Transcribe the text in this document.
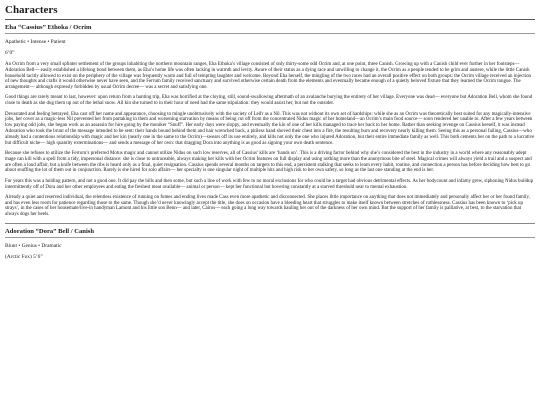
Characters
Eha “Cassius” Ethoka / Ocrim
Apathetic • Intense • Patient
6’0”

An Ocrim from a very small splinter settlement of the groups inhabiting the northern mountain ranges, Eha Ethoka’s village consisted of only thirty-some odd Ocrim and, at one point, three Canish. Growing up with a Canish child ever further in her footsteps— Adoration Bell— easily established a lifelong bond between them, as Eha’s home life was often lacking in warmth and levity. Aware of their status as a dying race and unwilling to change it, the Ocrim as a people tended to be grim and austere, while the little Canish household tacitly allowed to exist on the periphery of the village was frequently warm and full of tempting laughter and welcome. Beyond Eha herself, the mingling of the two races had an overall positive effect on both groups: the Ocrim village received an injection of new thoughts and crafts it would otherwise never have seen, and the Ferrum family received sanctuary and survived otherwise certain death from the elements and eventually became enough of a quietly beloved fixture that they learned the Ocrim tongue. The arrangement— although expressly forbidden by usual Ocrim decree— was a secret and satisfying one.

Good things are rarely meant to last, however: upon return from a hunting trip, Eha was horrified at the cloying, still, sound-swallowing aftermath of an avalanche burying the entirety of her village. Everyone was dead— everyone but Adoration Bell, whom she found close to death as she dug them up out of the lethal snow. All kin she turned to in their hour of need had the same stipulation: they would assist her, but not the outsider.

Devastated and feeling betrayed, Eha cast off her name and appearance, choosing to mingle unobtrusively with the society of Leifr as a Nil. This was not without its own set of hardships: while she as an Ocrim was theoretically best suited for any magically-intensive jobs, her cover as a magic-less Nil prevented her from partaking in them and worsening starvation by means of being cut off from the concentrated Nidus magic of her homeland—an Ocrim’s main food source— soon rendered her unable to. After a few years between low paying odd jobs, she began work as an assassin for hire going by the moniker “Snuff”. Her early days were sloppy, and eventually the kin of one of her kills managed to trace her back to her home. Rather than seeking revenge on Cassius herself, it was instead Adoration who took the brunt of the message intended to be sent: their hands bound behind them and hair wrenched back, a pitiless hand shoved their chest into a fire, the resulting burn and recovery nearly killing them. Seeing this as a personal failing, Cassius—who already had a contentious relationship with magic and her kin (nearly one in the same to the Ocrim)—swears off its use entirely, and kills not only the one who injured Adoration, but their entire immediate family as well. This both cements her on the path to a lucrative but difficult niche— high quantity exterminations— and sends a message of her own: that dragging Dora into anything is as good as signing your own death sentence.

Because she refuses to utilize the Ferrum’s preferred Motus magic and cannot utilize Nidus on such low reserves, all of Cassius’ kills are ‘hands on’. This is a driving factor behind why she’s considered the best in the industry in a world where any reasonably adept mage can kill with a spell from a tidy, impersonal distance: she is close to untraceable, always making her kills with her Ocrim features on full display and using nothing more than the anonymous bite of steel. Magical crimes will always yield a trail and a suspect and are often a loud affair, but a knife between the ribs is heard only as a final, quiet resignation. Cassius spends several months on targets to this end, a persistent stalking that seeks to learn every habit, routine, and connection a person has before deciding how best to go about snuffing the lot of them out in conjunction. Rarely is she hired for solo affairs— her specialty is one singular night of multiple hits and high risk to her own safety, so long as the last one standing at the end is her.

For years this was a holding pattern, and not a good one. It did pay the bills and then some, but such a line of work with few to no moral exclusions for who could be a target had obvious detrimental effects. As her bodycount and infamy grew, siphoning Nidus buildup intermittently off of Dora and her other employees and eating the freshest meat available— animal or person— kept her functional but hovering constantly at a starved threshold near to mental exhaustion.

Already a quiet and reserved individual, the relentless existence of running on fumes and ending lives made Cass even more apathetic and disconnected. She places little importance on anything that does not immediately and personally affect her or her found family, and has even less room for patience regarding those to the same. Though she’d never knowingly accept the title, she does on occasion have a bleeding heart that struggles to make itself known between stretches of ruthlessness. Cassius has been known to ‘pick up strays’, in the cases of her housemate/live-in handyman Lamont and his little son Benn— and later, Cairos— each going a long way towards hauling her out of the darkness of her own mind. But the support of her family is palliative, at best, to the starvation that always dogs her heels.

Adoration “Dora” Bell / Canish
Blunt • Genius • Dramatic
(Arctic Fox) 5’6”
